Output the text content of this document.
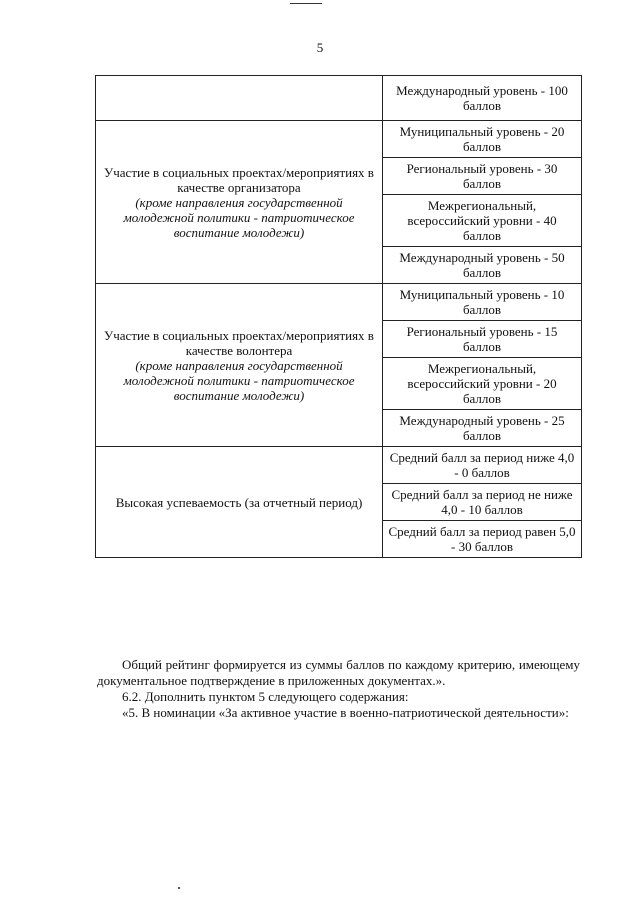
5
	Международный уровень - 100 баллов

Участие в социальных проектах/мероприятиях в качестве организатора
(кроме направления государственной молодежной политики - патриотическое воспитание молодежи)	Муниципальный уровень - 20 баллов
	Региональный уровень - 30 баллов
	Межрегиональный, всероссийский уровни - 40 баллов
	Международный уровень - 50 баллов

Участие в социальных проектах/мероприятиях в качестве волонтера
(кроме направления государственной молодежной политики - патриотическое воспитание молодежи)	Муниципальный уровень - 10 баллов
	Региональный уровень - 15 баллов
	Межрегиональный, всероссийский уровни - 20 баллов
	Международный уровень - 25 баллов

Высокая успеваемость (за отчетный период)	Средний балл за период ниже 4,0 - 0 баллов
	Средний балл за период не ниже 4,0 - 10 баллов
	Средний балл за период равен 5,0 - 30 баллов

Общий рейтинг формируется из суммы баллов по каждому критерию, имеющему документальное подтверждение в приложенных документах.».

6.2. Дополнить пунктом 5 следующего содержания:

«5. В номинации «За активное участие в военно-патриотической деятельности»:
